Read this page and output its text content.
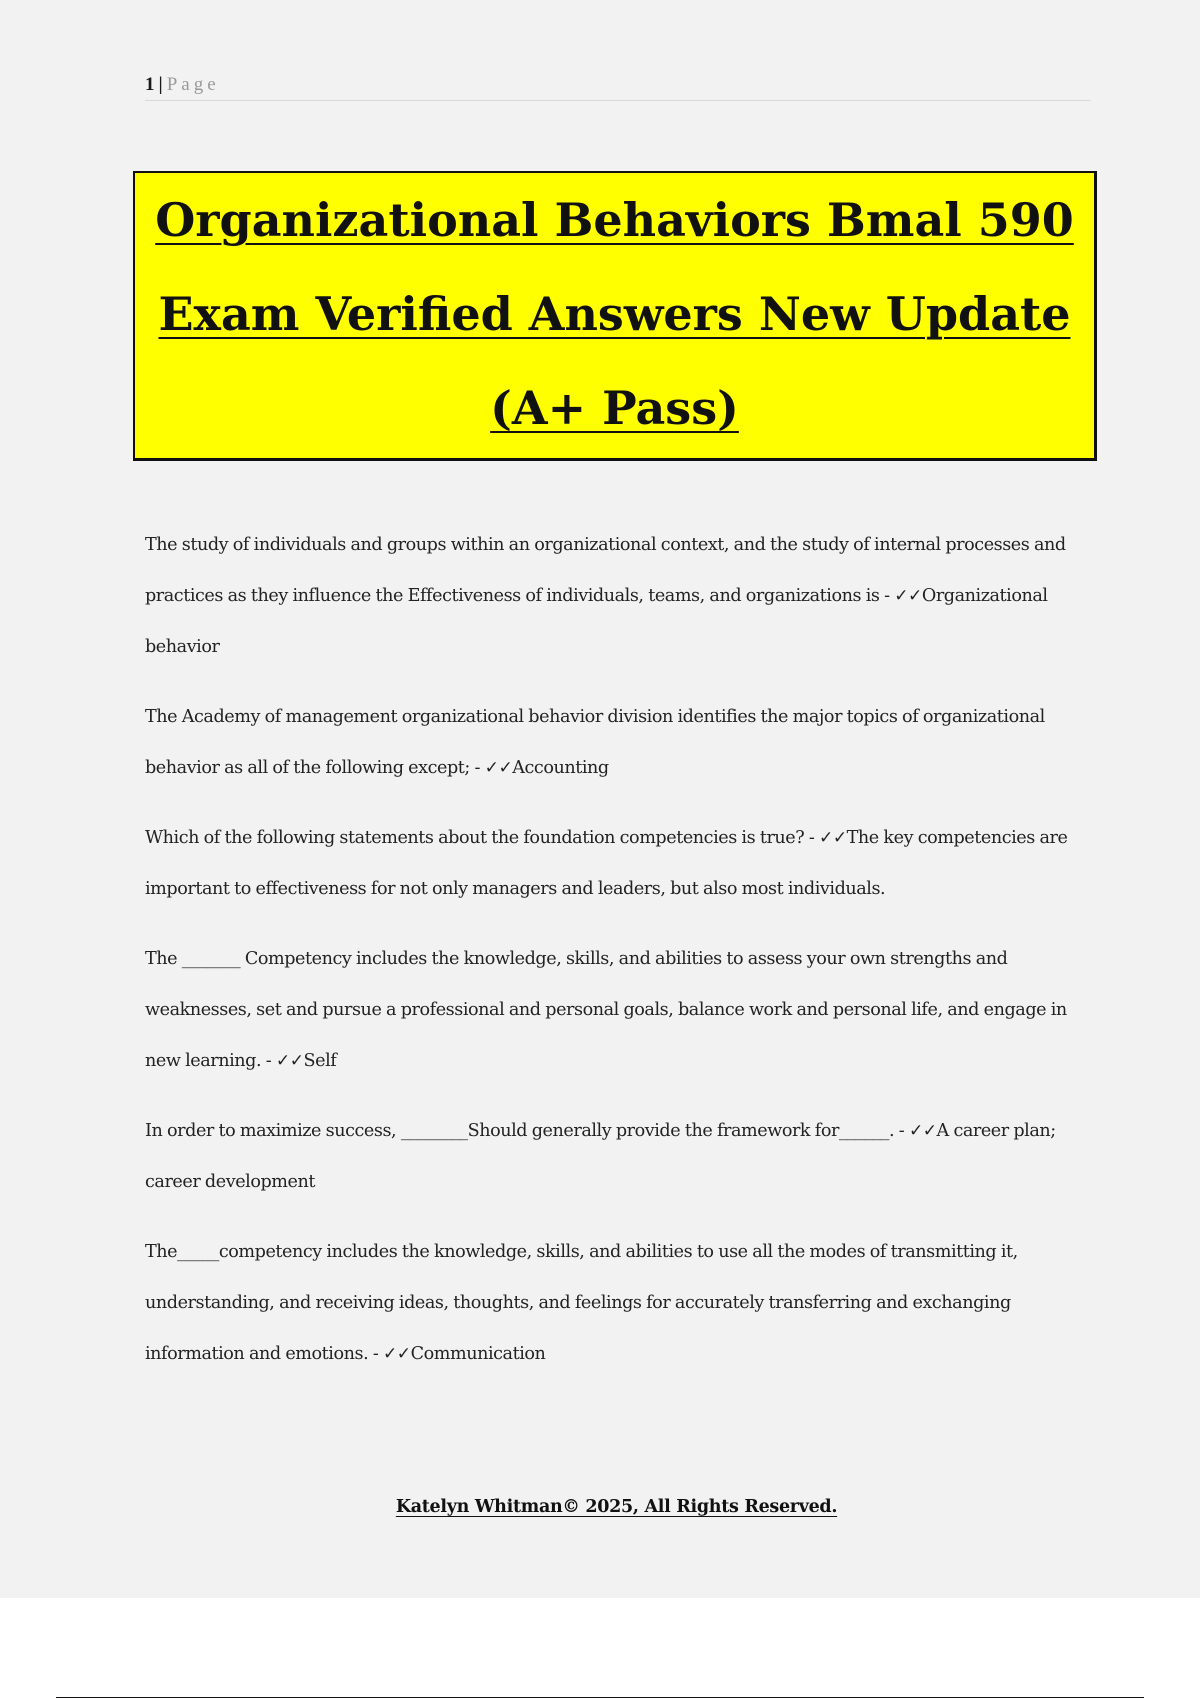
1 | Page
Organizational Behaviors Bmal 590
Exam Verified Answers New Update
(A+ Pass)
The study of individuals and groups within an organizational context, and the study of internal processes and practices as they influence the Effectiveness of individuals, teams, and organizations is - ✓✓Organizational behavior
The Academy of management organizational behavior division identifies the major topics of organizational behavior as all of the following except; - ✓✓Accounting
Which of the following statements about the foundation competencies is true? - ✓✓The key competencies are important to effectiveness for not only managers and leaders, but also most individuals.
The _______ Competency includes the knowledge, skills, and abilities to assess your own strengths and weaknesses, set and pursue a professional and personal goals, balance work and personal life, and engage in new learning. - ✓✓Self
In order to maximize success, ________Should generally provide the framework for______. - ✓✓A career plan; career development
The_____competency includes the knowledge, skills, and abilities to use all the modes of transmitting it, understanding, and receiving ideas, thoughts, and feelings for accurately transferring and exchanging information and emotions. - ✓✓Communication
Katelyn Whitman© 2025, All Rights Reserved.
